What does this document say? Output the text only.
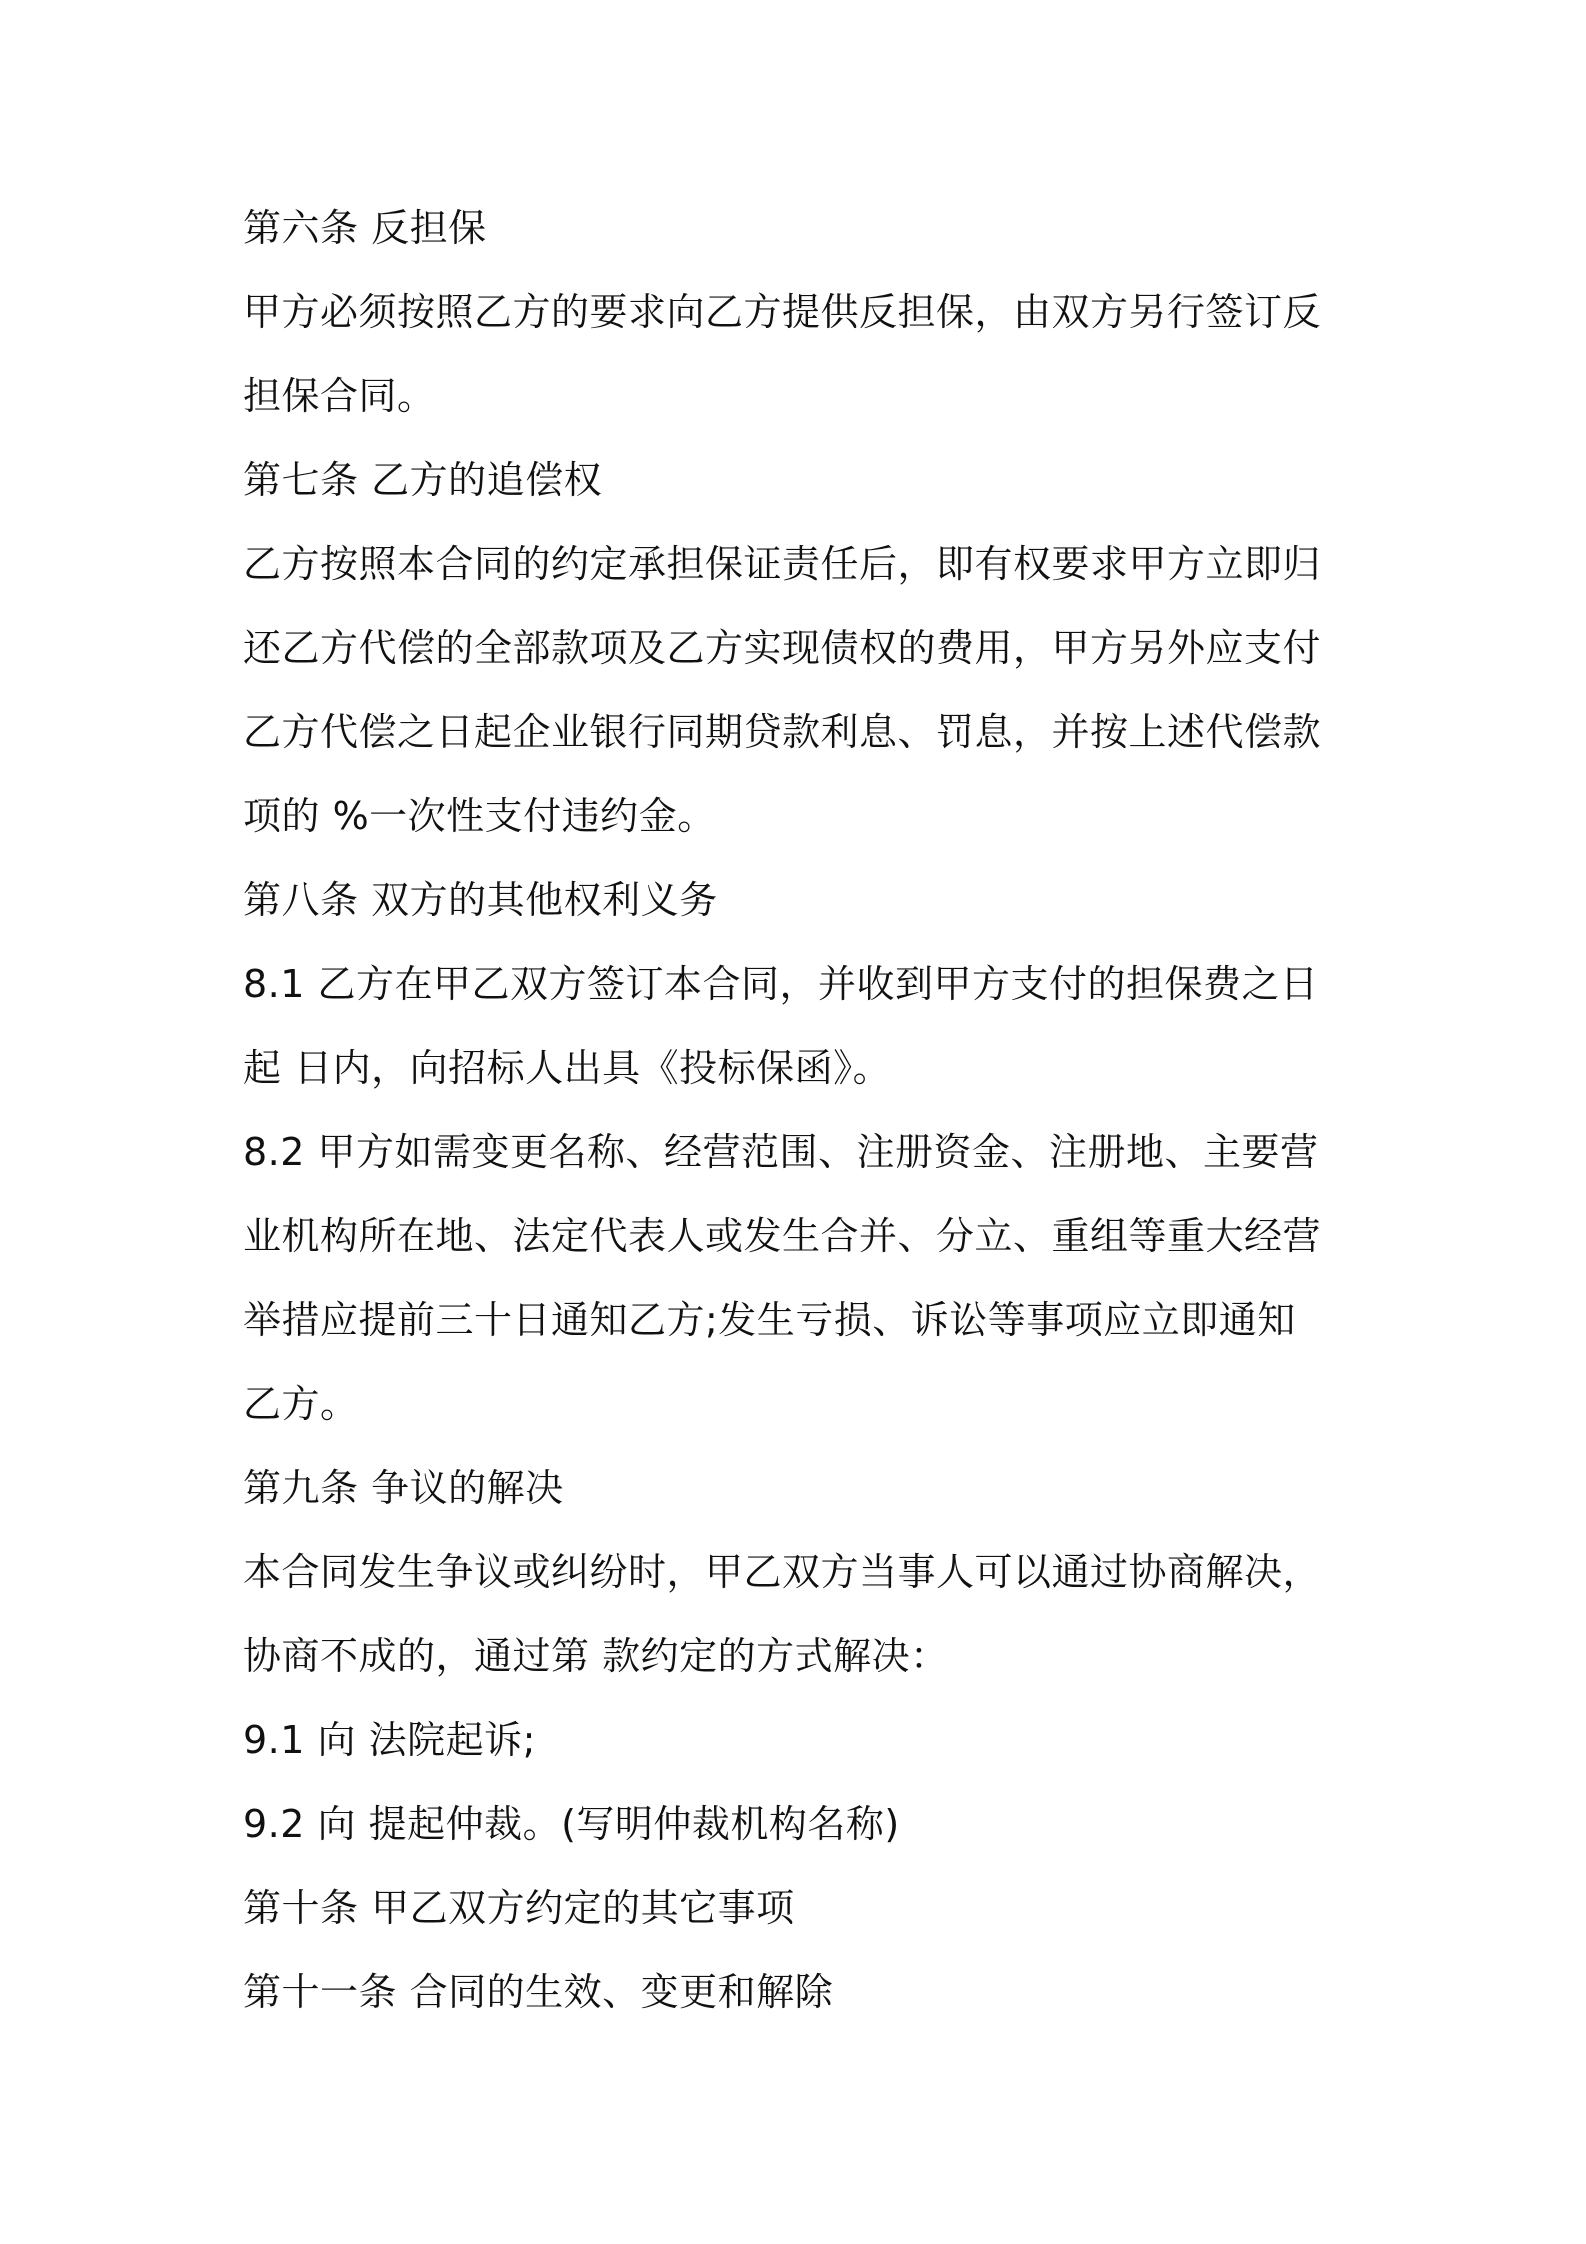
第六条 反担保
甲方必须按照乙方的要求向乙方提供反担保，由双方另行签订反
担保合同。
第七条 乙方的追偿权
乙方按照本合同的约定承担保证责任后，即有权要求甲方立即归
还乙方代偿的全部款项及乙方实现债权的费用，甲方另外应支付
乙方代偿之日起企业银行同期贷款利息、罚息，并按上述代偿款
项的 %一次性支付违约金。
第八条 双方的其他权利义务
8.1 乙方在甲乙双方签订本合同，并收到甲方支付的担保费之日
起 日内，向招标人出具《投标保函》。
8.2 甲方如需变更名称、经营范围、注册资金、注册地、主要营
业机构所在地、法定代表人或发生合并、分立、重组等重大经营
举措应提前三十日通知乙方;发生亏损、诉讼等事项应立即通知
乙方。
第九条 争议的解决
本合同发生争议或纠纷时，甲乙双方当事人可以通过协商解决，
协商不成的，通过第 款约定的方式解决：
9.1 向 法院起诉;
9.2 向 提起仲裁。(写明仲裁机构名称)
第十条 甲乙双方约定的其它事项
第十一条 合同的生效、变更和解除
